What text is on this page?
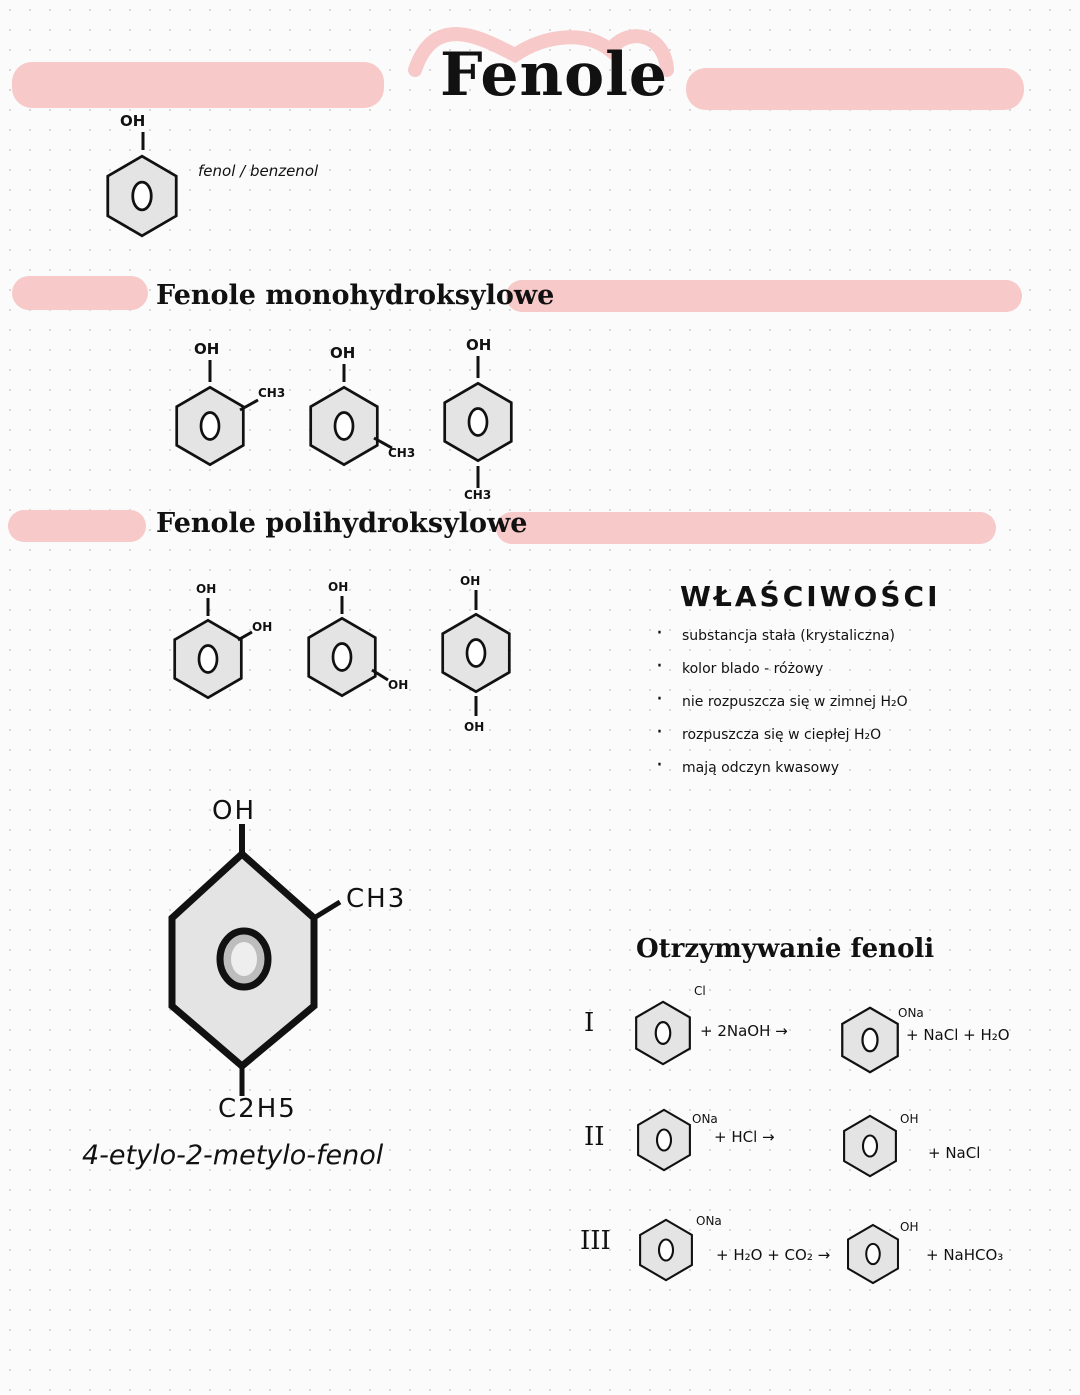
Fenole
OH
fenol / benzenol
Fenole monohydroksylowe
OH
CH3
OH
CH3
OH
CH3
Fenole polihydroksylowe
OH
OH
OH
OH
OH
OH
WŁAŚCIWOŚCI
· substancja stała (krystaliczna)
· kolor blado - różowy
· nie rozpuszcza się w zimnej H₂O
· rozpuszcza się w ciepłej H₂O
· mają odczyn kwasowy
OH
CH3
C2H5
4-etylo-2-metylo-fenol
Otrzymywanie fenoli
I
Cl
+ 2NaOH →
ONa
+ NaCl + H₂O
II
ONa
+ HCl →
OH
+ NaCl
III
ONa
+ H₂O + CO₂ →
OH
+ NaHCO₃
